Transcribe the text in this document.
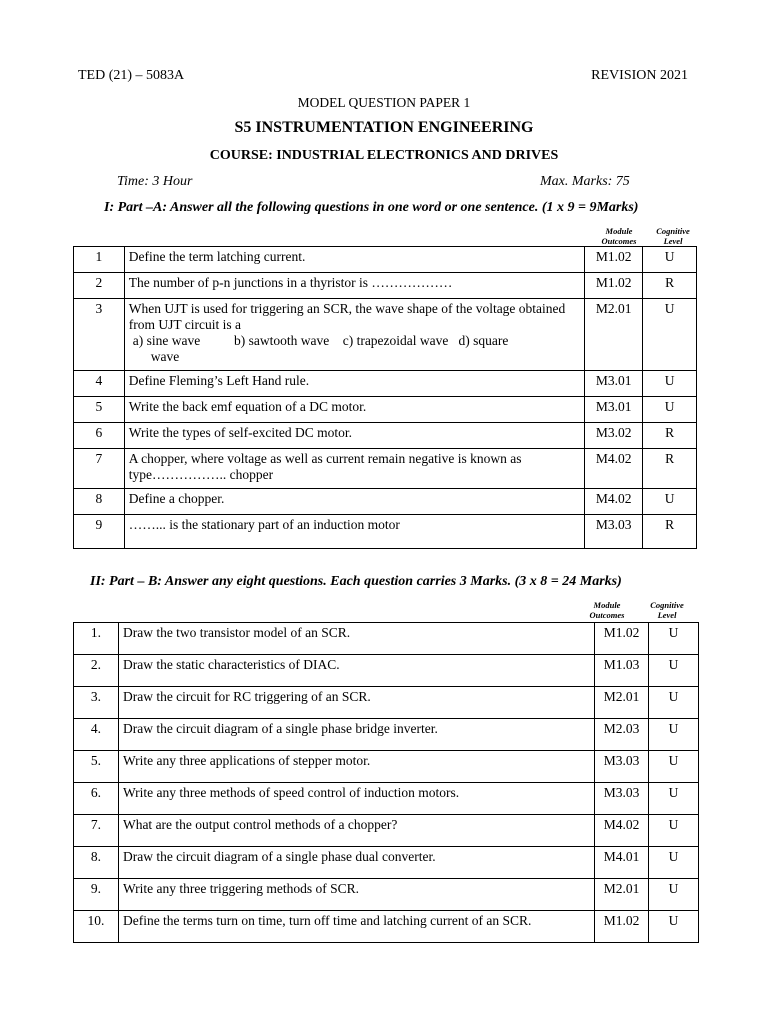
TED (21) – 5083A	REVISION 2021
MODEL QUESTION PAPER 1
S5 INSTRUMENTATION ENGINEERING
COURSE: INDUSTRIAL ELECTRONICS AND DRIVES
Time: 3 Hour	Max. Marks: 75
I: Part –A: Answer all the following questions in one word or one sentence. (1 x 9 = 9Marks)
Module
Outcomes
Cognitive
Level
1	Define the term latching current.	M1.02	U
2	The number of p-n junctions in a thyristor is ………………	M1.02	R
3	When UJT is used for triggering an SCR, the wave shape of the voltage obtained from UJT circuit is a
a) sine wave          b) sawtooth wave    c) trapezoidal wave   d) square
wave	M2.01	U
4	Define Fleming’s Left Hand rule.	M3.01	U
5	Write the back emf equation of a DC motor.	M3.01	U
6	Write the types of self-excited DC motor.	M3.02	R
7	A chopper, where voltage as well as current remain negative is known as type…………….. chopper	M4.02	R
8	Define a chopper.	M4.02	U
9	……... is the stationary part of an induction motor	M3.03	R
II: Part – B: Answer any eight questions. Each question carries 3 Marks. (3 x 8 = 24 Marks)
Module
Outcomes
Cognitive
Level
1.	Draw the two transistor model of an SCR.	M1.02	U
2.	Draw the static characteristics of DIAC.	M1.03	U
3.	Draw the circuit for RC triggering of an SCR.	M2.01	U
4.	Draw the circuit diagram of a single phase bridge inverter.	M2.03	U
5.	Write any three applications of stepper motor.	M3.03	U
6.	Write any three methods of speed control of induction motors.	M3.03	U
7.	What are the output control methods of a chopper?	M4.02	U
8.	Draw the circuit diagram of a single phase dual converter.	M4.01	U
9.	Write any three triggering methods of SCR.	M2.01	U
10.	Define the terms turn on time, turn off time and latching current of an SCR.	M1.02	U
